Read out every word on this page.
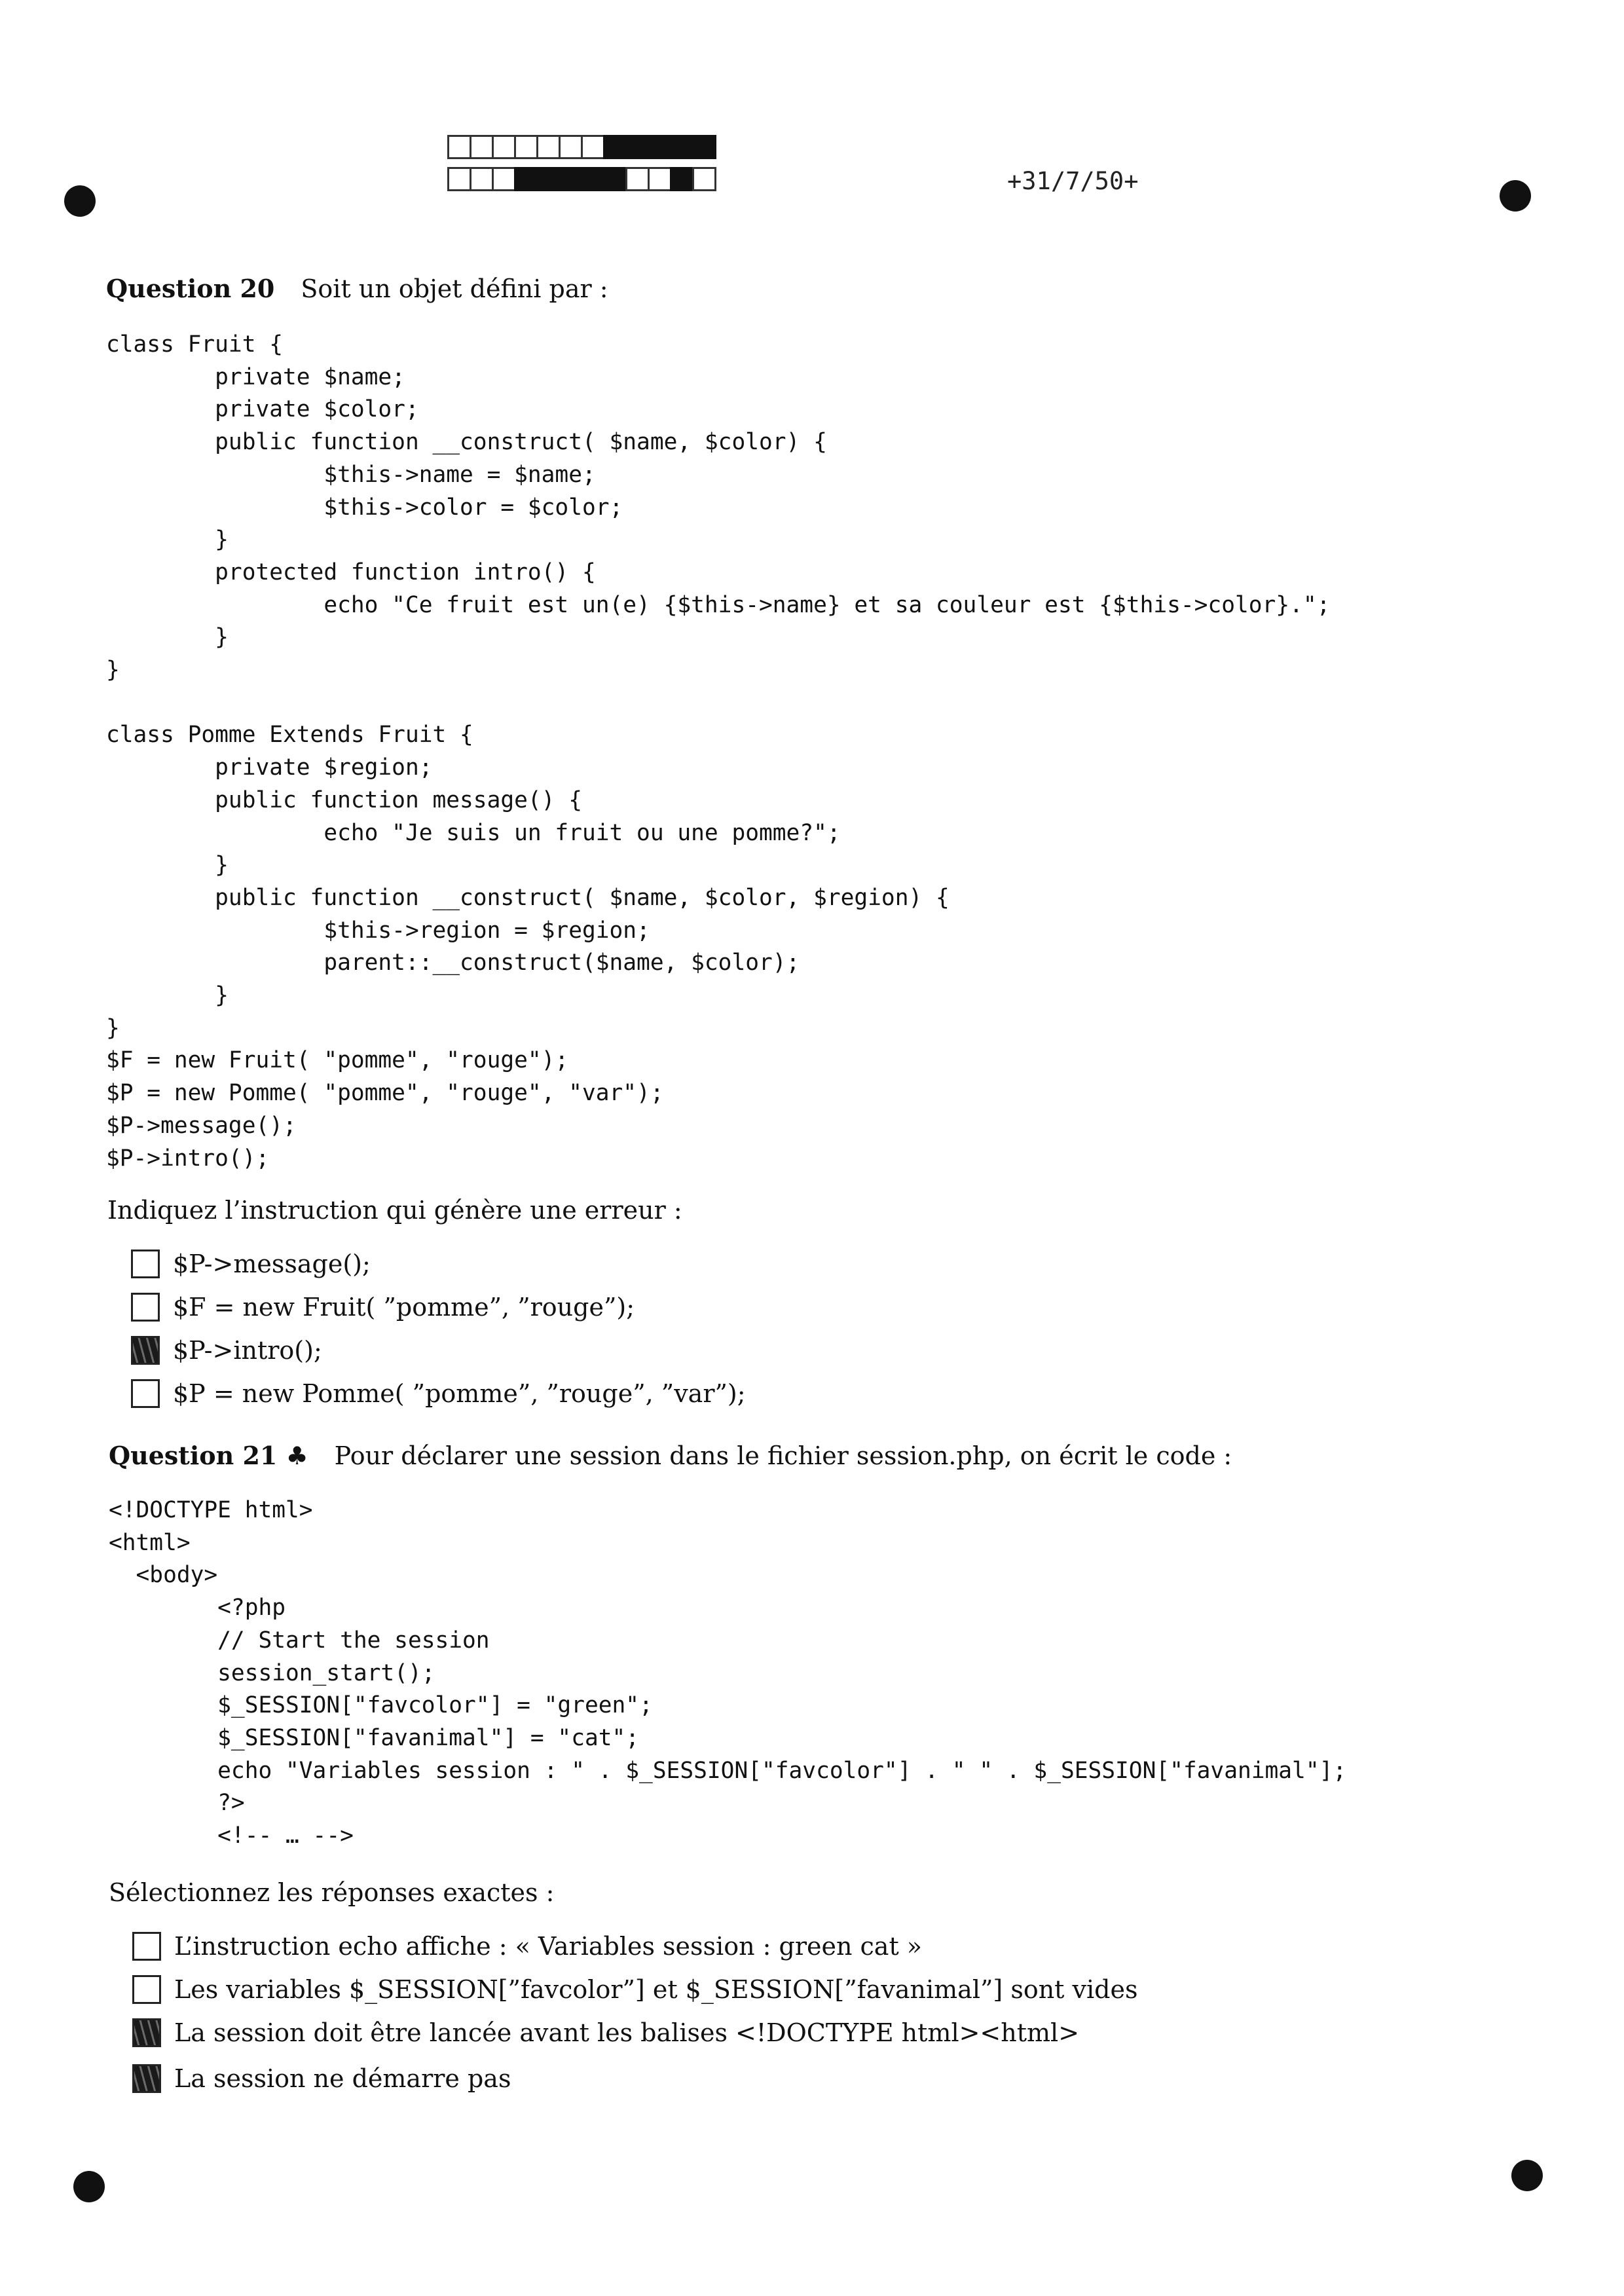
+31/7/50+
Question 20 Soit un objet défini par :
class Fruit {
private $name;
private $color;
public function __construct( $name, $color) {
$this->name = $name;
$this->color = $color;
}
protected function intro() {
echo "Ce fruit est un(e) {$this->name} et sa couleur est {$this->color}.";
}
}

class Pomme Extends Fruit {
private $region;
public function message() {
echo "Je suis un fruit ou une pomme?";
}
public function __construct( $name, $color, $region) {
$this->region = $region;
parent::__construct($name, $color);
}
}
$F = new Fruit( "pomme", "rouge");
$P = new Pomme( "pomme", "rouge", "var");
$P->message();
$P->intro();
Indiquez l’instruction qui génère une erreur :
$P->message();
$F = new Fruit( ”pomme”, ”rouge”);
$P->intro();
$P = new Pomme( ”pomme”, ”rouge”, ”var”);
Question 21 ♣ Pour déclarer une session dans le fichier session.php, on écrit le code :
<!DOCTYPE html>
<html>
<body>
<?php
// Start the session
session_start();
$_SESSION["favcolor"] = "green";
$_SESSION["favanimal"] = "cat";
echo "Variables session : " . $_SESSION["favcolor"] . " " . $_SESSION["favanimal"];
?>
<!-- … -->
Sélectionnez les réponses exactes :
L’instruction echo affiche : « Variables session : green cat »
Les variables $_SESSION[”favcolor”] et $_SESSION[”favanimal”] sont vides
La session doit être lancée avant les balises <!DOCTYPE html><html>
La session ne démarre pas
